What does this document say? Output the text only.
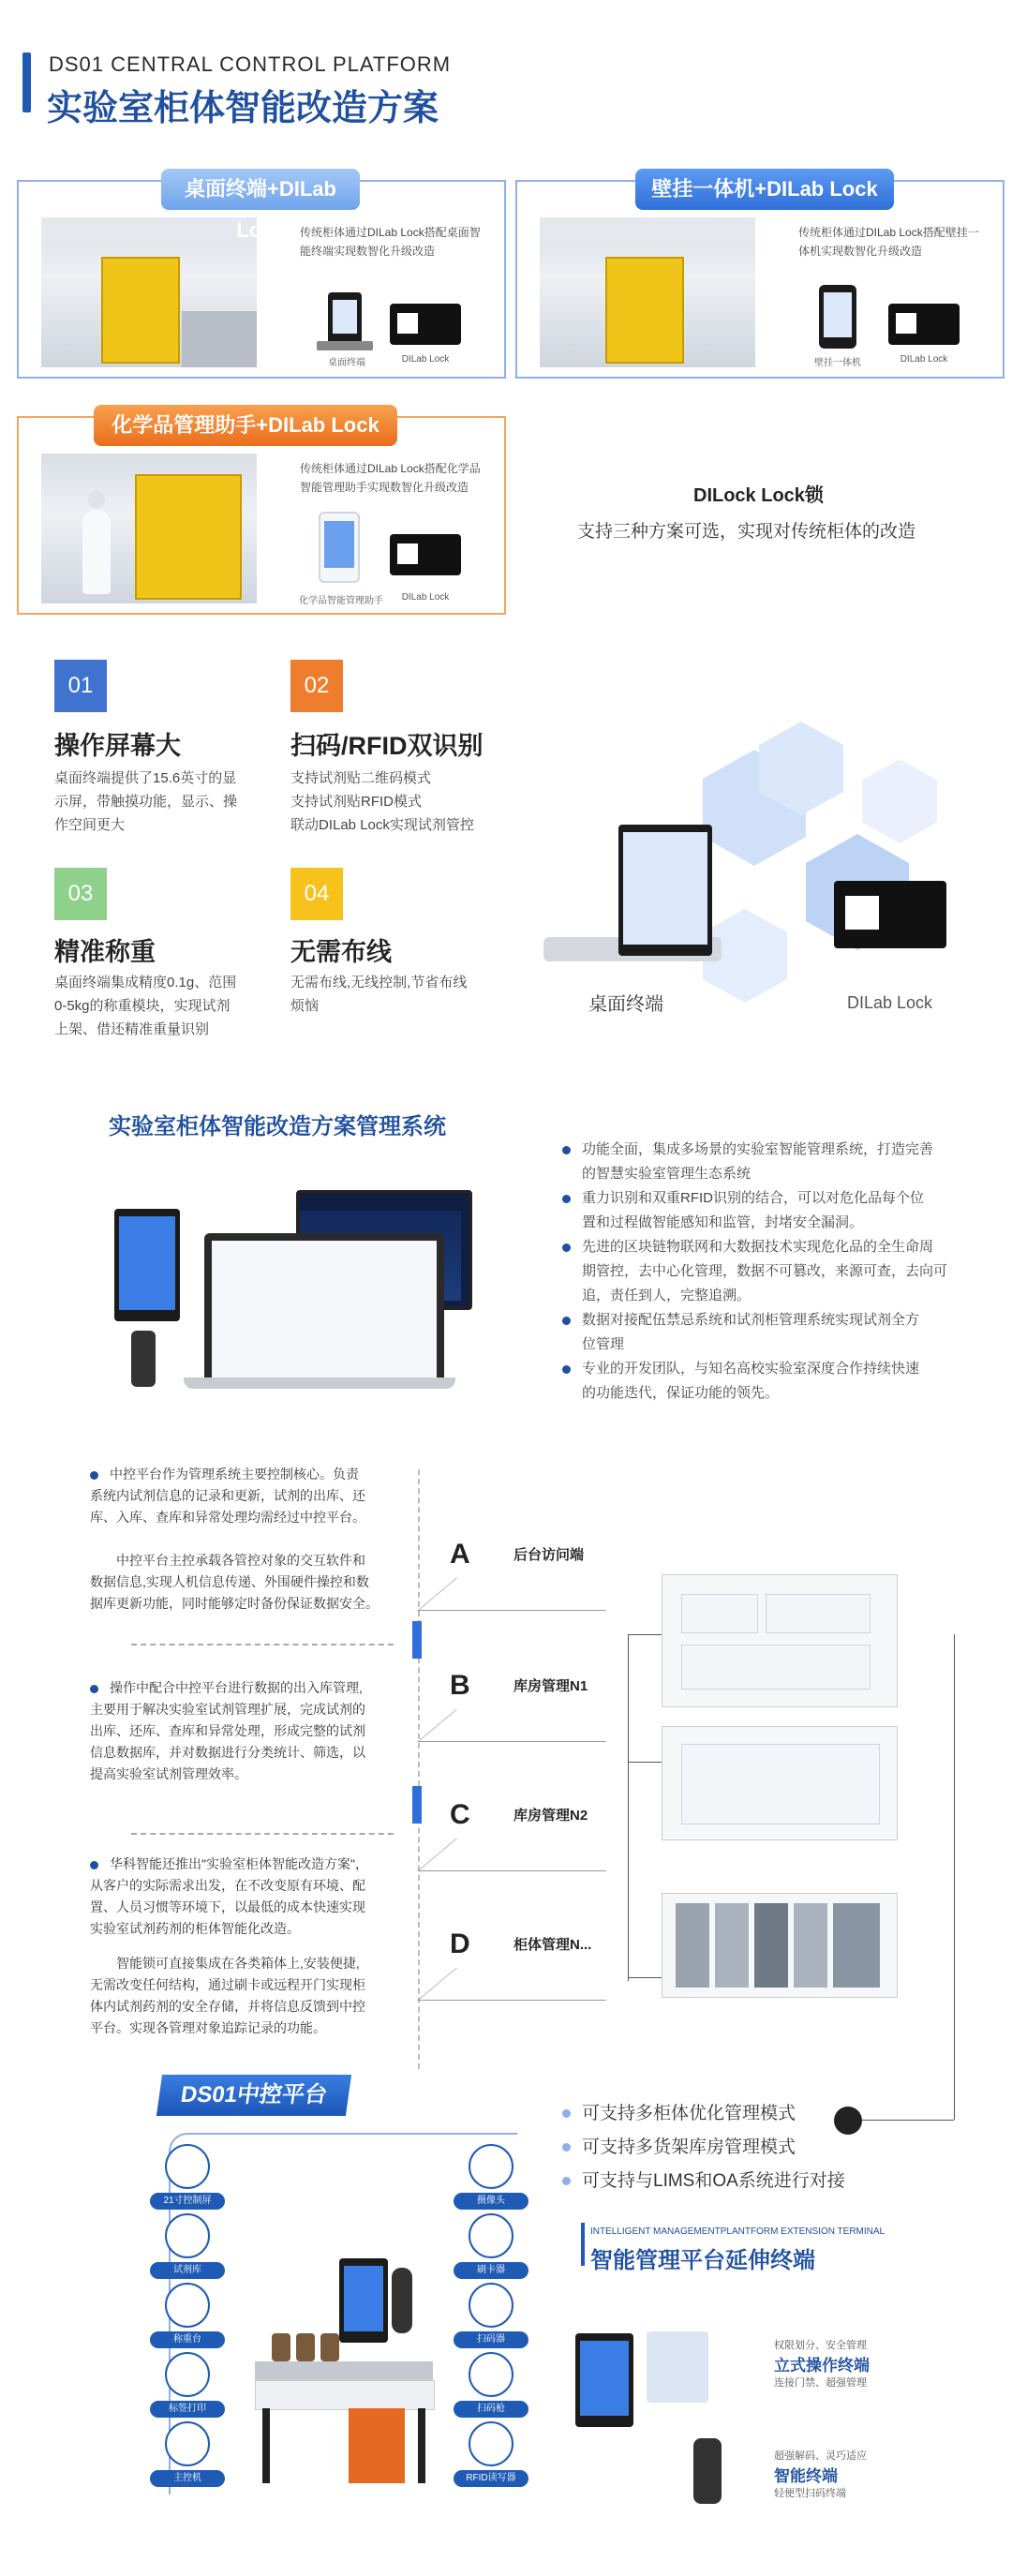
DS01 CENTRAL CONTROL PLATFORM
实验室柜体智能改造方案
传统柜体通过DILab Lock搭配桌面智能终端实现数智化升级改造
桌面终端	DILab Lock
桌面终端+DILab Lock	传统柜体通过DILab Lock搭配壁挂一体机实现数智化升级改造
壁挂一体机	DILab Lock
壁挂一体机+DILab Lock
传统柜体通过DILab Lock搭配化学品智能管理助手实现数智化升级改造
化学品智能管理助手	DILab Lock
化学品管理助手+DILab Lock
DILock Lock锁
支持三种方案可选，实现对传统柜体的改造
01
操作屏幕大
桌面终端提供了15.6英寸的显
示屏，带触摸功能，显示、操
作空间更大
02
扫码/RFID双识别
支持试剂贴二维码模式
支持试剂贴RFID模式
联动DILab Lock实现试剂管控
03
精准称重
桌面终端集成精度0.1g、范围
0-5kg的称重模块，实现试剂
上架、借还精准重量识别
04
无需布线
无需布线,无线控制,节省布线
烦恼	桌面终端	DILab Lock
实验室柜体智能改造方案管理系统
功能全面，集成多场景的实验室智能管理系统，打造完善
的智慧实验室管理生态系统
重力识别和双重RFID识别的结合，可以对危化品每个位
置和过程做智能感知和监管，封堵安全漏洞。
先进的区块链物联网和大数据技术实现危化品的全生命周
期管控，去中心化管理，数据不可篡改，来源可查，去向可
追，责任到人，完整追溯。
数据对接配伍禁忌系统和试剂柜管理系统实现试剂全方
位管理
专业的开发团队，与知名高校实验室深度合作持续快速
的功能迭代，保证功能的领先。
中控平台作为管理系统主要控制核心。负责
系统内试剂信息的记录和更新，试剂的出库、还
库、入库、查库和异常处理均需经过中控平台。
中控平台主控承载各管控对象的交互软件和
数据信息,实现人机信息传递、外围硬件操控和数
据库更新功能，同时能够定时备份保证数据安全。
操作中配合中控平台进行数据的出入库管理,
主要用于解决实验室试剂管理扩展，完成试剂的
出库、还库、查库和异常处理，形成完整的试剂
信息数据库，并对数据进行分类统计、筛选，以
提高实验室试剂管理效率。
华科智能还推出"实验室柜体智能改造方案"，
从客户的实际需求出发，在不改变原有环境、配
置、人员习惯等环境下，以最低的成本快速实现
实验室试剂药剂的柜体智能化改造。
智能锁可直接集成在各类箱体上,安装便捷,
无需改变任何结构，通过刷卡或远程开门实现柜
体内试剂药剂的安全存储，并将信息反馈到中控
平台。实现各管理对象追踪记录的功能。
A	后台访问端
B	库房管理N1
C	库房管理N2
D	柜体管理N...
DS01中控平台
21寸控制屏
试剂库
称重台
标签打印
主控机
摄像头
刷卡器
扫码器
扫码枪
RFID读写器
可支持多柜体优化管理模式
可支持多货架库房管理模式
可支持与LIMS和OA系统进行对接
INTELLIGENT MANAGEMENTPLANTFORM EXTENSION TERMINAL
智能管理平台延伸终端
权限划分、安全管理
立式操作终端
连接门禁、超强管理
超强解码、灵巧适应
智能终端
轻便型扫码终端
